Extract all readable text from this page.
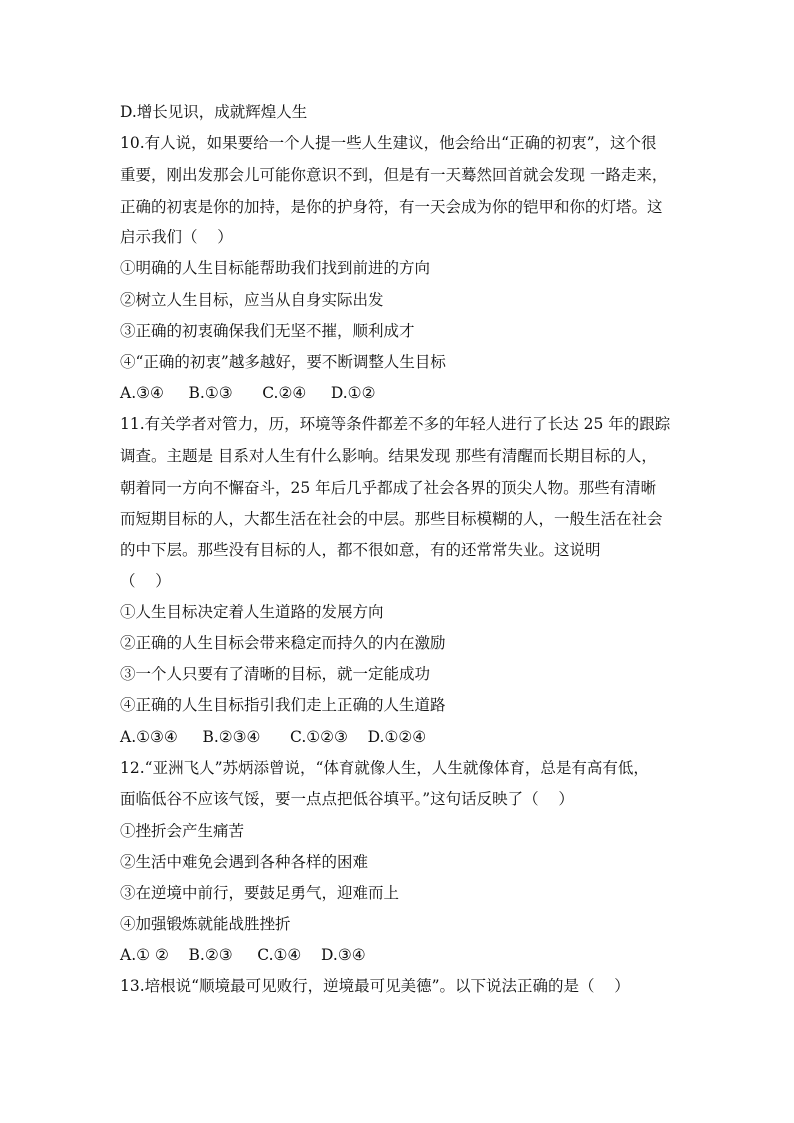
D.增长见识，成就辉煌人生
10.有人说，如果要给一个人提一些人生建议，他会给出“正确的初衷”，这个很
重要，刚出发那会儿可能你意识不到，但是有一天蓦然回首就会发现 一路走来，
正确的初衷是你的加持，是你的护身符，有一天会成为你的铠甲和你的灯塔。这
启示我们（    ）
①明确的人生目标能帮助我们找到前进的方向
②树立人生目标，应当从自身实际出发
③正确的初衷确保我们无坚不摧，顺利成才
④“正确的初衷”越多越好，要不断调整人生目标
A.③④     B.①③      C.②④     D.①②
11.有关学者对管力，历，环境等条件都差不多的年轻人进行了长达 25 年的跟踪
调查。主题是 目系对人生有什么影响。结果发现 那些有清醒而长期目标的人，
朝着同一方向不懈奋斗，25 年后几乎都成了社会各界的顶尖人物。那些有清晰
而短期目标的人，大都生活在社会的中层。那些目标模糊的人，一般生活在社会
的中下层。那些没有目标的人，都不很如意，有的还常常失业。这说明
（    ）
①人生目标决定着人生道路的发展方向
②正确的人生目标会带来稳定而持久的内在激励
③一个人只要有了清晰的目标，就一定能成功
④正确的人生目标指引我们走上正确的人生道路
A.①③④     B.②③④      C.①②③    D.①②④
12.“亚洲飞人”苏炳添曾说，“体育就像人生，人生就像体育，总是有高有低，
面临低谷不应该气馁，要一点点把低谷填平。”这句话反映了（    ）
①挫折会产生痛苦
②生活中难免会遇到各种各样的困难
③在逆境中前行，要鼓足勇气，迎难而上
④加强锻炼就能战胜挫折
A.① ②    B.②③     C.①④    D.③④
13.培根说“顺境最可见败行，逆境最可见美德”。以下说法正确的是（    ）
